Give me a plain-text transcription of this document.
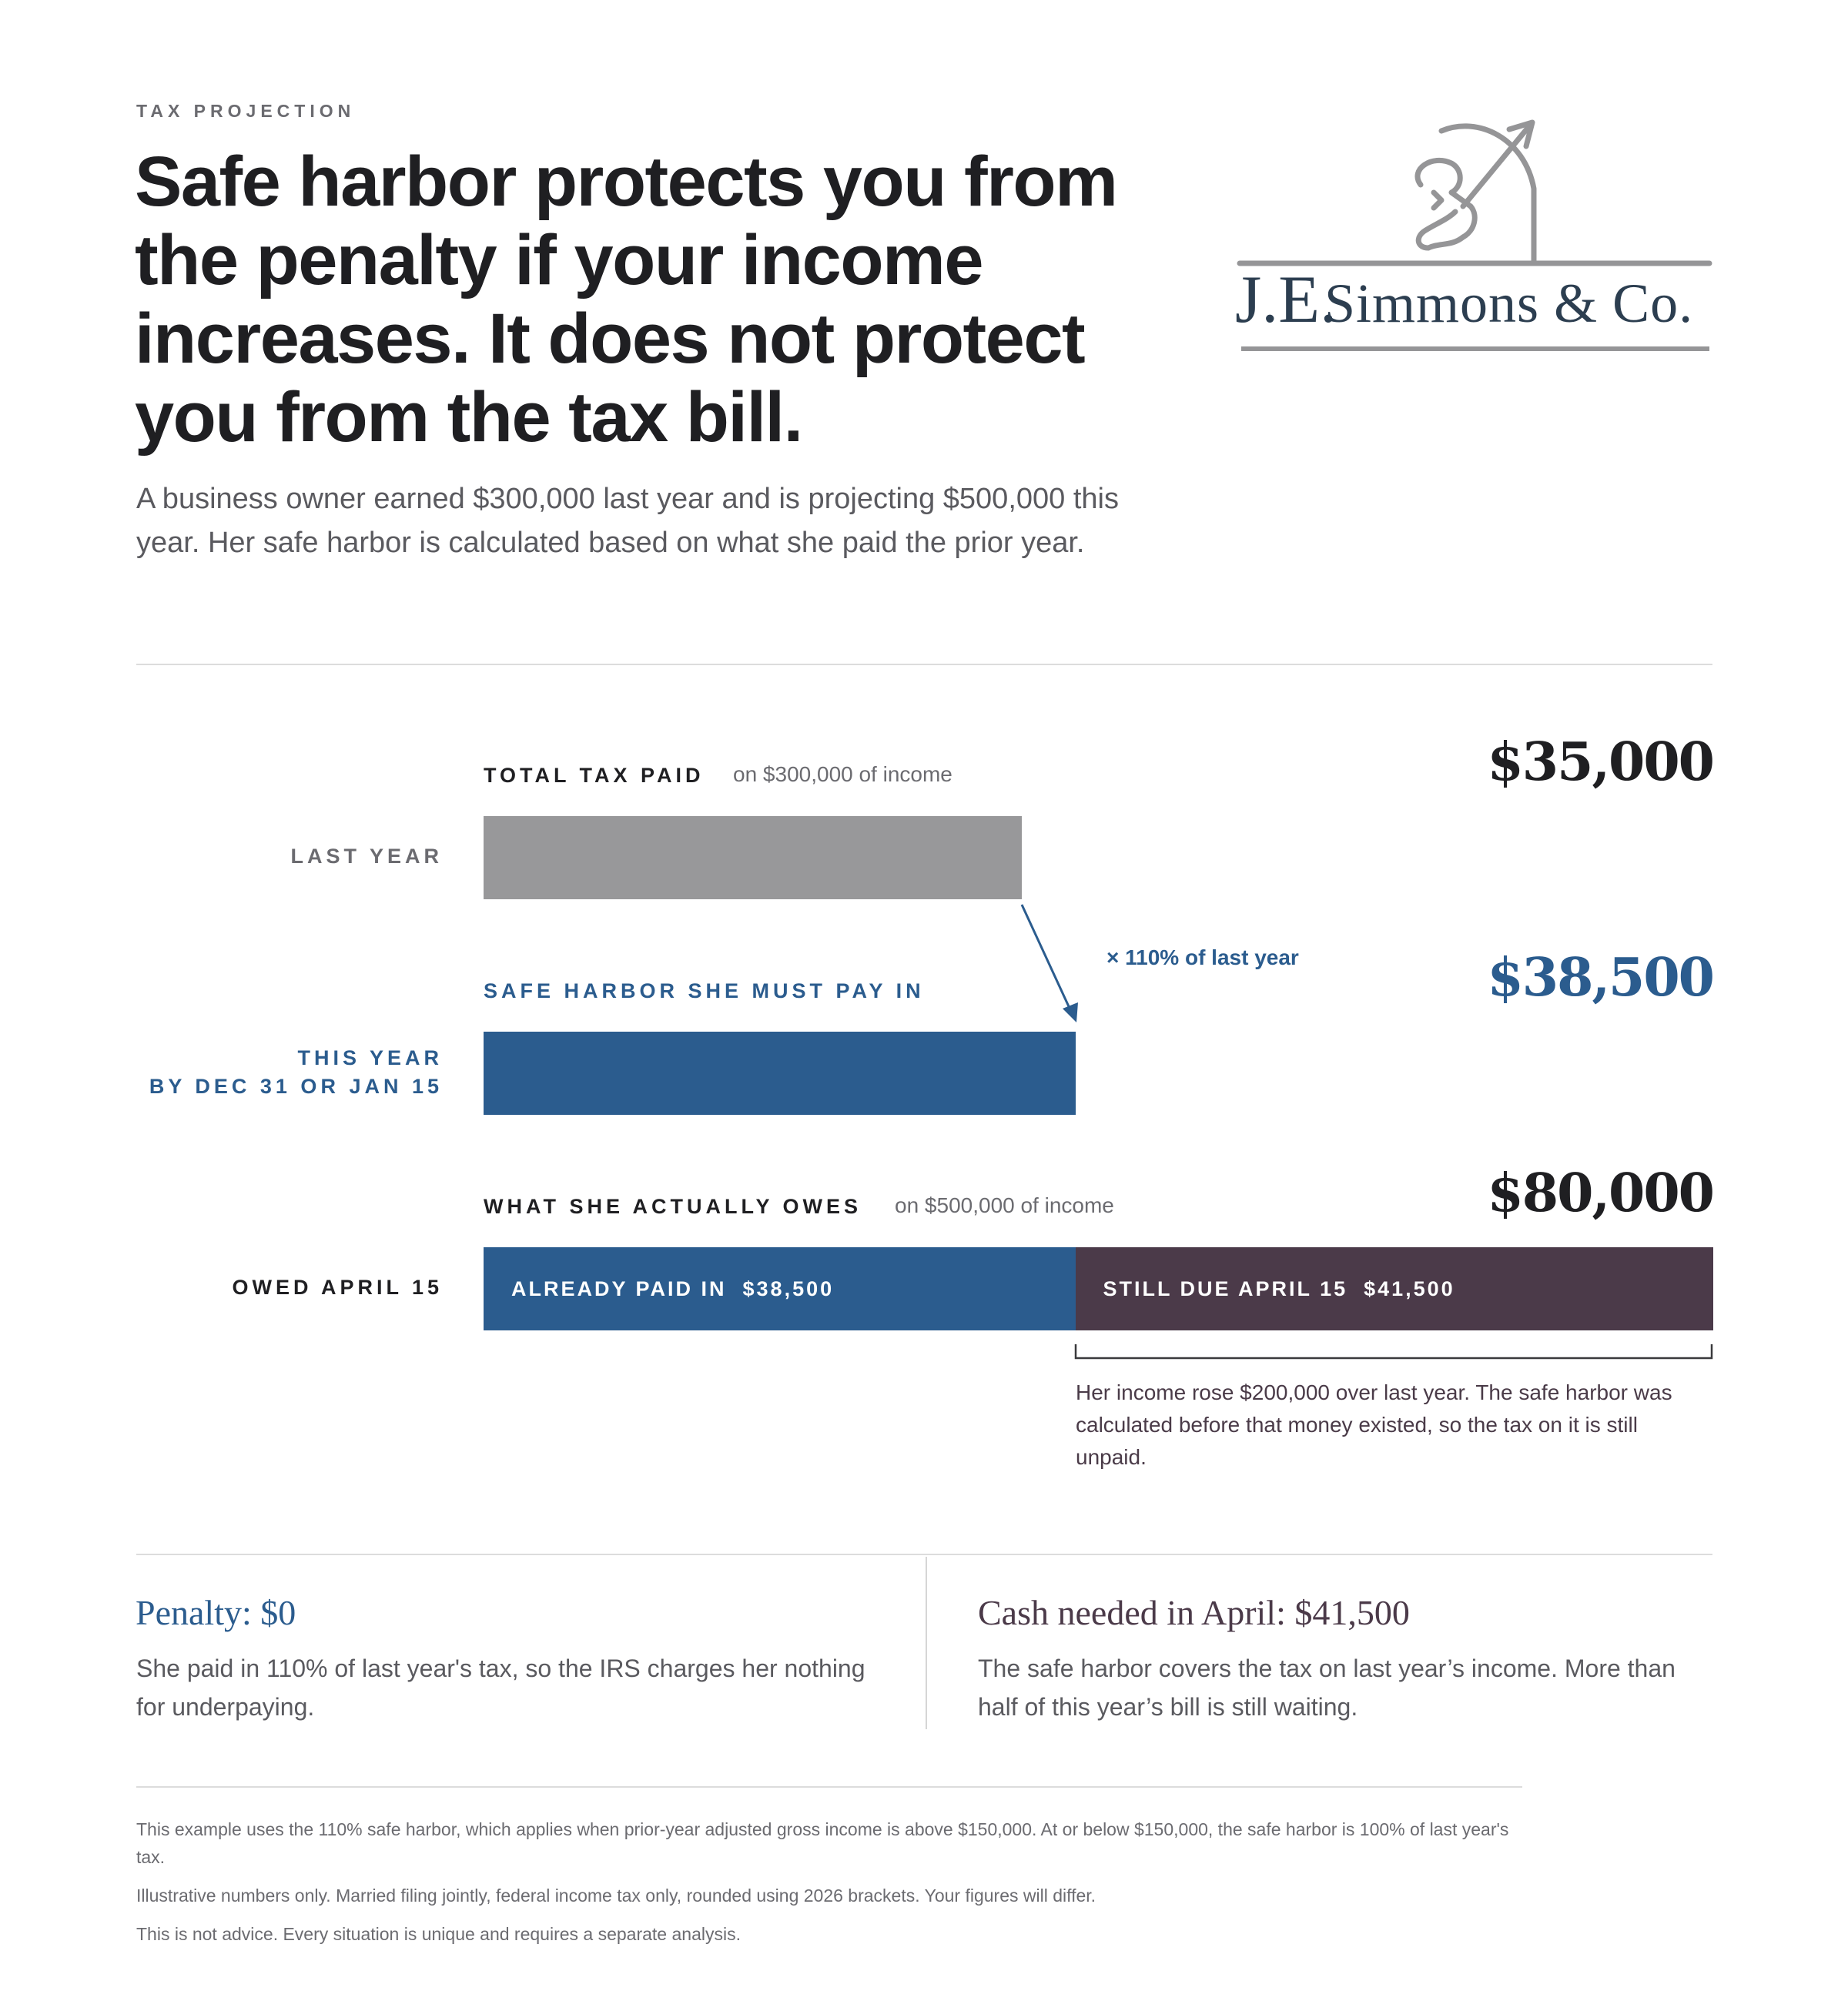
TAX PROJECTION
Safe harbor protects you from the penalty if your income increases. It does not protect you from the tax bill.

A business owner earned $300,000 last year and is projecting $500,000 this year. Her safe harbor is calculated based on what she paid the prior year.

J.E.
Simmons & Co.
TOTAL TAX PAID on $300,000 of income	$35,000
LAST YEAR
SAFE HARBOR SHE MUST PAY IN	$38,500
THIS YEAR
BY DEC 31 OR JAN 15
× 110% of last year
WHAT SHE ACTUALLY OWES on $500,000 of income	$80,000
OWED APRIL 15	ALREADY PAID IN  $38,500	STILL DUE APRIL 15  $41,500
Her income rose $200,000 over last year. The safe harbor was calculated before that money existed, so the tax on it is still unpaid.
Penalty: $0
She paid in 110% of last year's tax, so the IRS charges her nothing for underpaying.
Cash needed in April: $41,500
The safe harbor covers the tax on last year’s income. More than half of this year’s bill is still waiting.

This example uses the 110% safe harbor, which applies when prior-year adjusted gross income is above $150,000. At or below $150,000, the safe harbor is 100% of last year's tax.

Illustrative numbers only. Married filing jointly, federal income tax only, rounded using 2026 brackets. Your figures will differ.

This is not advice. Every situation is unique and requires a separate analysis.
